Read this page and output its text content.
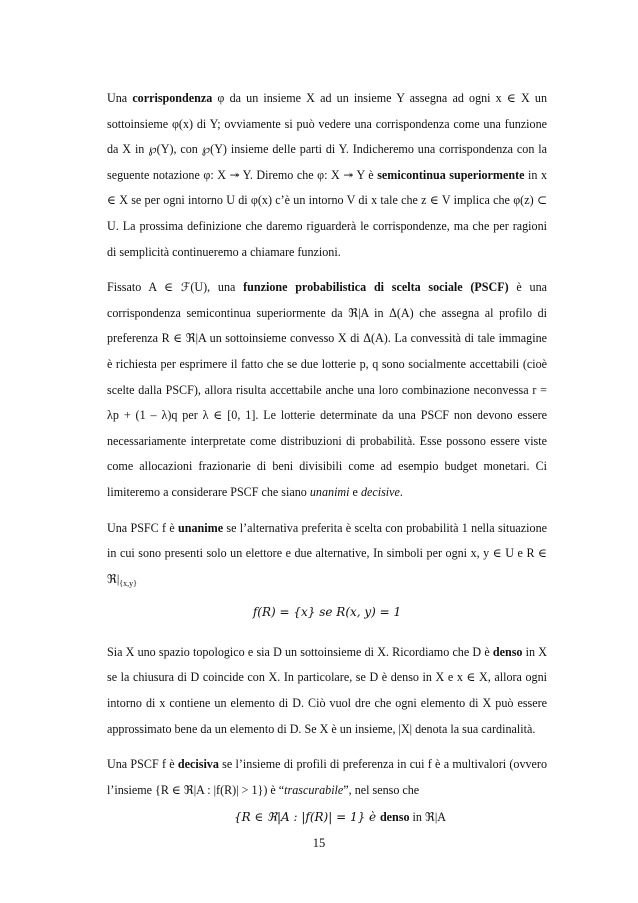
Una corrispondenza φ da un insieme X ad un insieme Y assegna ad ogni x ∈ X un sottoinsieme φ(x) di Y; ovviamente si può vedere una corrispondenza come una funzione da X in ℘(Y), con ℘(Y) insieme delle parti di Y. Indicheremo una corrispondenza con la seguente notazione φ: X ↠ Y. Diremo che φ: X ↠ Y è semicontinua superiormente in x ∈ X se per ogni intorno U di φ(x) c’è un intorno V di x tale che z ∈ V implica che φ(z) ⊂ U. La prossima definizione che daremo riguarderà le corrispondenze, ma che per ragioni di semplicità continueremo a chiamare funzioni.

Fissato A ∈ ℱ(U), una funzione probabilistica di scelta sociale (PSCF) è una corrispondenza semicontinua superiormente da ℜ|A in Δ(A) che assegna al profilo di preferenza R ∈ ℜ|A un sottoinsieme convesso X di Δ(A). La convessità di tale immagine è richiesta per esprimere il fatto che se due lotterie p, q sono socialmente accettabili (cioè scelte dalla PSCF), allora risulta accettabile anche una loro combinazione neconvessa r = λp + (1 – λ)q per λ ∈ [0, 1]. Le lotterie determinate da una PSCF non devono essere necessariamente interpretate come distribuzioni di probabilità. Esse possono essere viste come allocazioni frazionarie di beni divisibili come ad esempio budget monetari. Ci limiteremo a considerare PSCF che siano unanimi e decisive.

Una PSFC f è unanime se l’alternativa preferita è scelta con probabilità 1 nella situazione in cui sono presenti solo un elettore e due alternative, In simboli per ogni x, y ∈ U e R ∈ $ℜ|_{\{x,y\}}$

f(R) = {x} se R(x, y) = 1

Sia X uno spazio topologico e sia D un sottoinsieme di X. Ricordiamo che D è denso in X se la chiusura di D coincide con X. In particolare, se D è denso in X e x ∈ X, allora ogni intorno di x contiene un elemento di D. Ciò vuol dre che ogni elemento di X può essere approssimato bene da un elemento di D. Se X è un insieme, |X| denota la sua cardinalità.

Una PSCF f è decisiva se l’insieme di profili di preferenza in cui f è a multivalori (ovvero l’insieme {R ∈ ℜ|A : |f(R)| > 1}) è “trascurabile”, nel senso che

{R ∈ ℜ|A : |f(R)| = 1} è denso in ℜ|A
15
